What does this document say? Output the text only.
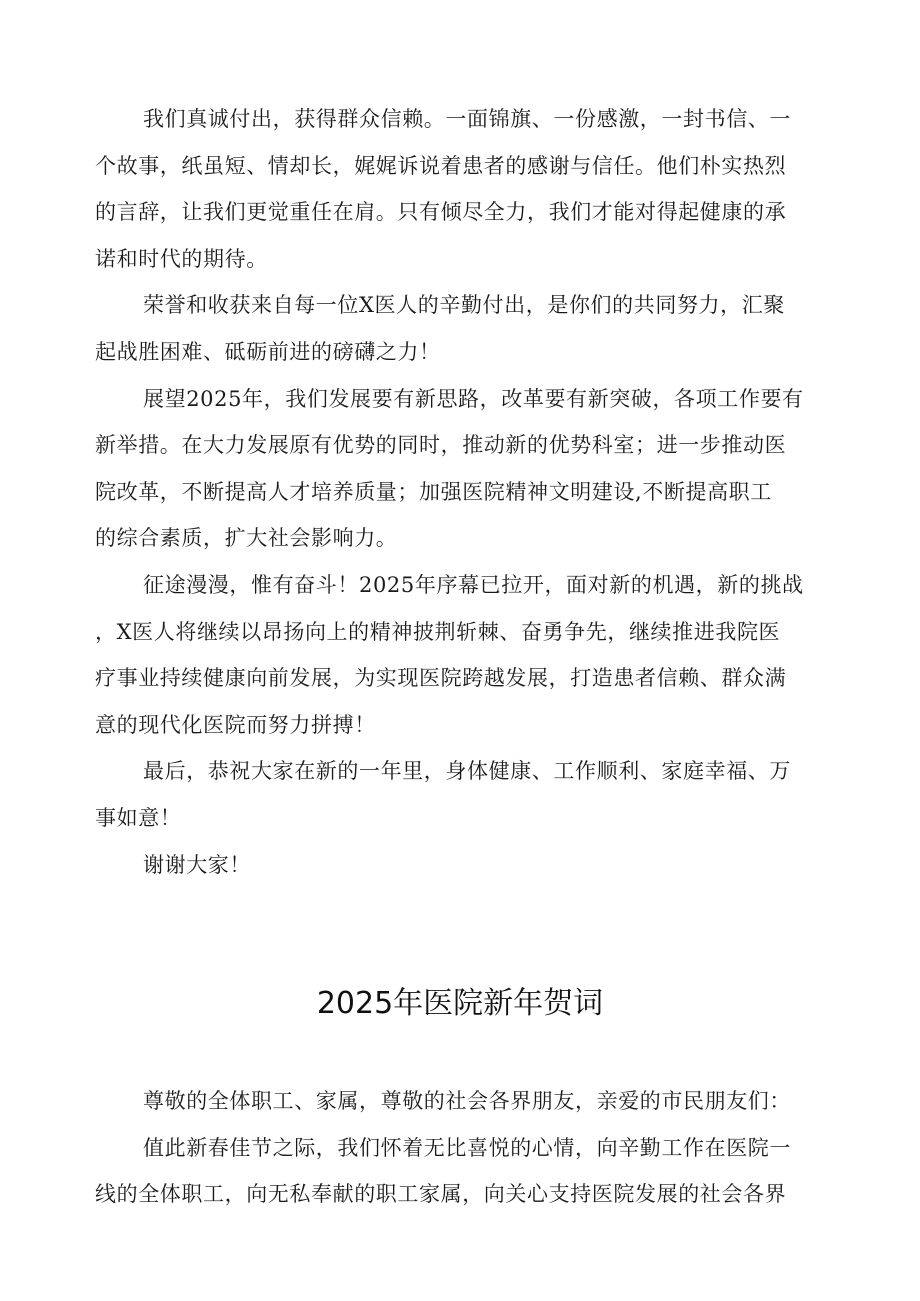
我们真诚付出，获得群众信赖。一面锦旗、一份感激，一封书信、一
个故事，纸虽短、情却长，娓娓诉说着患者的感谢与信任。他们朴实热烈
的言辞，让我们更觉重任在肩。只有倾尽全力，我们才能对得起健康的承
诺和时代的期待。

荣誉和收获来自每一位X医人的辛勤付出，是你们的共同努力，汇聚
起战胜困难、砥砺前进的磅礴之力！

展望2025年，我们发展要有新思路，改革要有新突破，各项工作要有
新举措。在大力发展原有优势的同时，推动新的优势科室；进一步推动医
院改革，不断提高人才培养质量；加强医院精神文明建设,不断提高职工
的综合素质，扩大社会影响力。

征途漫漫，惟有奋斗！2025年序幕已拉开，面对新的机遇，新的挑战
，X医人将继续以昂扬向上的精神披荆斩棘、奋勇争先，继续推进我院医
疗事业持续健康向前发展，为实现医院跨越发展，打造患者信赖、群众满
意的现代化医院而努力拼搏！

最后，恭祝大家在新的一年里，身体健康、工作顺利、家庭幸福、万
事如意！

谢谢大家！

2025年医院新年贺词

尊敬的全体职工、家属，尊敬的社会各界朋友，亲爱的市民朋友们：

值此新春佳节之际，我们怀着无比喜悦的心情，向辛勤工作在医院一
线的全体职工，向无私奉献的职工家属，向关心支持医院发展的社会各界
